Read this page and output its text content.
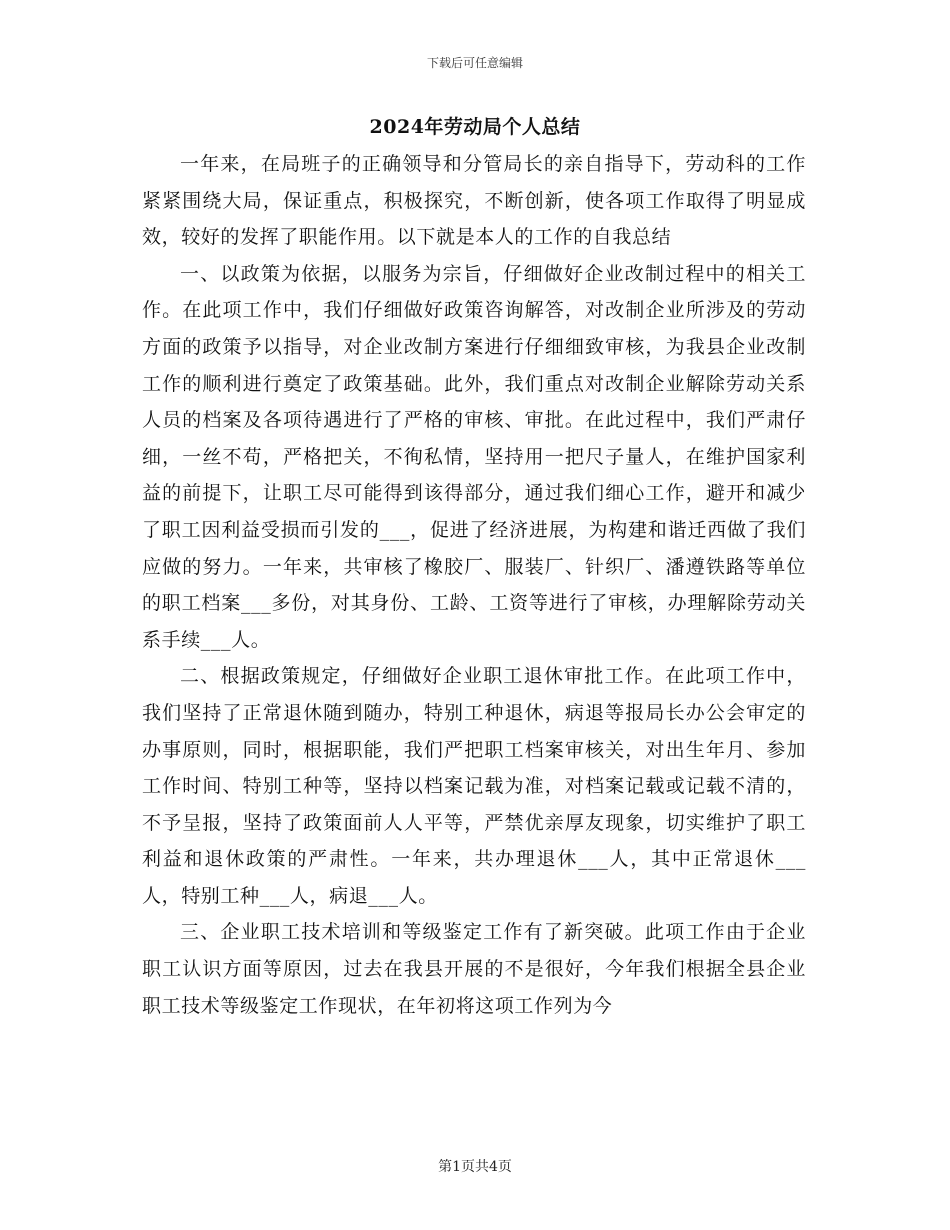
下载后可任意编辑
2024年劳动局个人总结

一年来，在局班子的正确领导和分管局长的亲自指导下，劳动科的工作紧紧围绕大局，保证重点，积极探究，不断创新，使各项工作取得了明显成效，较好的发挥了职能作用。以下就是本人的工作的自我总结

一、以政策为依据，以服务为宗旨，仔细做好企业改制过程中的相关工作。在此项工作中，我们仔细做好政策咨询解答，对改制企业所涉及的劳动方面的政策予以指导，对企业改制方案进行仔细细致审核，为我县企业改制工作的顺利进行奠定了政策基础。此外，我们重点对改制企业解除劳动关系人员的档案及各项待遇进行了严格的审核、审批。在此过程中，我们严肃仔细，一丝不苟，严格把关，不徇私情，坚持用一把尺子量人，在维护国家利益的前提下，让职工尽可能得到该得部分，通过我们细心工作，避开和减少了职工因利益受损而引发的___，促进了经济进展，为构建和谐迁西做了我们应做的努力。一年来，共审核了橡胶厂、服装厂、针织厂、潘遵铁路等单位的职工档案___多份，对其身份、工龄、工资等进行了审核，办理解除劳动关系手续___人。

二、根据政策规定，仔细做好企业职工退休审批工作。在此项工作中，我们坚持了正常退休随到随办，特别工种退休，病退等报局长办公会审定的办事原则，同时，根据职能，我们严把职工档案审核关，对出生年月、参加工作时间、特别工种等，坚持以档案记载为准，对档案记载或记载不清的，不予呈报，坚持了政策面前人人平等，严禁优亲厚友现象，切实维护了职工利益和退休政策的严肃性。一年来，共办理退休___人，其中正常退休___人，特别工种___人，病退___人。

三、企业职工技术培训和等级鉴定工作有了新突破。此项工作由于企业职工认识方面等原因，过去在我县开展的不是很好，今年我们根据全县企业职工技术等级鉴定工作现状，在年初将这项工作列为今

第1页共4页
